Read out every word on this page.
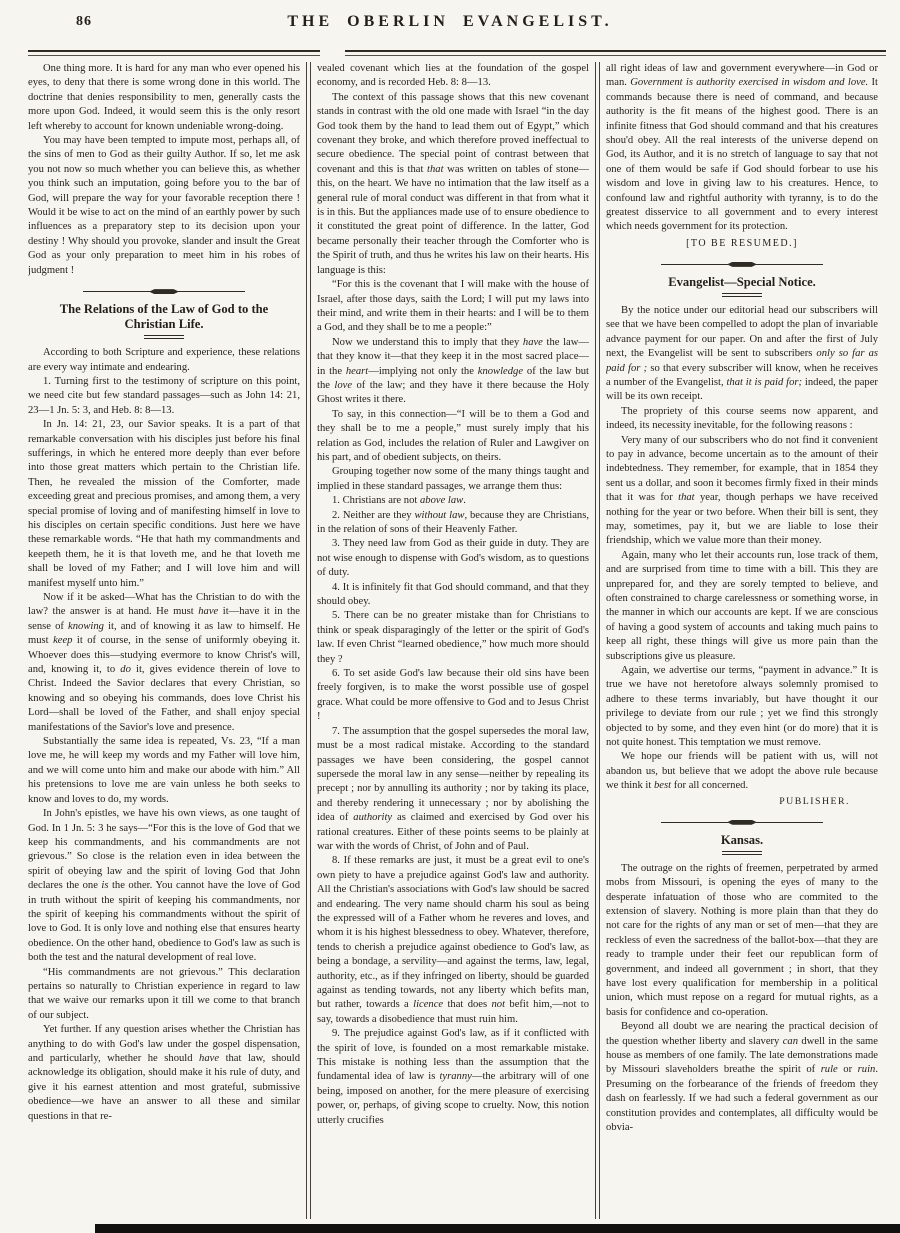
86	THE OBERLIN EVANGELIST.

One thing more. It is hard for any man who ever opened his eyes, to deny that there is some wrong done in this world. The doctrine that denies responsibility to men, generally casts the more upon God. Indeed, it would seem this is the only resort left whereby to account for known undeniable wrong-doing.

You may have been tempted to impute most, perhaps all, of the sins of men to God as their guilty Author. If so, let me ask you not now so much whether you can believe this, as whether you think such an imputation, going before you to the bar of God, will prepare the way for your favorable reception there ! Would it be wise to act on the mind of an earthly power by such influences as a preparatory step to its decision upon your destiny ! Why should you provoke, slander and insult the Great God as your only preparation to meet him in his robes of judgment !

The Relations of the Law of God to the Christian Life.

According to both Scripture and experience, these relations are every way intimate and endearing.

1. Turning first to the testimony of scripture on this point, we need cite but few standard passages—such as John 14: 21, 23—1 Jn. 5: 3, and Heb. 8: 8—13.

In Jn. 14: 21, 23, our Savior speaks. It is a part of that remarkable conversation with his disciples just before his final sufferings, in which he entered more deeply than ever before into those great matters which pertain to the Christian life. Then, he revealed the mission of the Comforter, made exceeding great and precious promises, and among them, a very special promise of loving and of manifesting himself in love to his disciples on certain specific conditions. Just here we have these remarkable words. “He that hath my commandments and keepeth them, he it is that loveth me, and he that loveth me shall be loved of my Father; and I will love him and will manifest myself unto him.”

Now if it be asked—What has the Christian to do with the law? the answer is at hand. He must have it—have it in the sense of knowing it, and of knowing it as law to himself. He must keep it of course, in the sense of uniformly obeying it. Whoever does this—studying evermore to know Christ's will, and, knowing it, to do it, gives evidence therein of love to Christ. Indeed the Savior declares that every Christian, so knowing and so obeying his commands, does love Christ his Lord—shall be loved of the Father, and shall enjoy special manifestations of the Savior's love and presence.

Substantially the same idea is repeated, Vs. 23, “If a man love me, he will keep my words and my Father will love him, and we will come unto him and make our abode with him.” All his pretensions to love me are vain unless he both seeks to know and loves to do, my words.

In John's epistles, we have his own views, as one taught of God. In 1 Jn. 5: 3 he says—“For this is the love of God that we keep his commandments, and his commandments are not grievous.” So close is the relation even in idea between the spirit of obeying law and the spirit of loving God that John declares the one is the other. You cannot have the love of God in truth without the spirit of keeping his commandments, nor the spirit of keeping his commandments without the spirit of love to God. It is only love and nothing else that ensures hearty obedience. On the other hand, obedience to God's law as such is both the test and the natural development of real love.

“His commandments are not grievous.” This declaration pertains so naturally to Christian experience in regard to law that we waive our remarks upon it till we come to that branch of our subject.

Yet further. If any question arises whether the Christian has anything to do with God's law under the gospel dispensation, and particularly, whether he should have that law, should acknowledge its obligation, should make it his rule of duty, and give it his earnest attention and most grateful, submissive obedience—we have an answer to all these and similar questions in that re-

vealed covenant which lies at the foundation of the gospel economy, and is recorded Heb. 8: 8—13.

The context of this passage shows that this new covenant stands in contrast with the old one made with Israel “in the day God took them by the hand to lead them out of Egypt,” which covenant they broke, and which therefore proved ineffectual to secure obedience. The special point of contrast between that covenant and this is that that was written on tables of stone—this, on the heart. We have no intimation that the law itself as a general rule of moral conduct was different in that from what it is in this. But the appliances made use of to ensure obedience to it constituted the great point of difference. In the latter, God became personally their teacher through the Comforter who is the Spirit of truth, and thus he writes his law on their hearts. His language is this:

“For this is the covenant that I will make with the house of Israel, after those days, saith the Lord; I will put my laws into their mind, and write them in their hearts: and I will be to them a God, and they shall be to me a people:”

Now we understand this to imply that they have the law—that they know it—that they keep it in the most sacred place—in the heart—implying not only the knowledge of the law but the love of the law; and they have it there because the Holy Ghost writes it there.

To say, in this connection—“I will be to them a God and they shall be to me a people,” must surely imply that his relation as God, includes the relation of Ruler and Lawgiver on his part, and of obedient subjects, on theirs.

Grouping together now some of the many things taught and implied in these standard passages, we arrange them thus:

1. Christians are not above law.

2. Neither are they without law, because they are Christians, in the relation of sons of their Heavenly Father.

3. They need law from God as their guide in duty. They are not wise enough to dispense with God's wisdom, as to questions of duty.

4. It is infinitely fit that God should command, and that they should obey.

5. There can be no greater mistake than for Christians to think or speak disparagingly of the letter or the spirit of God's law. If even Christ “learned obedience,” how much more should they ?

6. To set aside God's law because their old sins have been freely forgiven, is to make the worst possible use of gospel grace. What could be more offensive to God and to Jesus Christ !

7. The assumption that the gospel supersedes the moral law, must be a most radical mistake. According to the standard passages we have been considering, the gospel cannot supersede the moral law in any sense—neither by repealing its precept ; nor by annulling its authority ; nor by taking its place, and thereby rendering it unnecessary ; nor by abolishing the idea of authority as claimed and exercised by God over his rational creatures. Either of these points seems to be plainly at war with the words of Christ, of John and of Paul.

8. If these remarks are just, it must be a great evil to one's own piety to have a prejudice against God's law and authority. All the Christian's associations with God's law should be sacred and endearing. The very name should charm his soul as being the expressed will of a Father whom he reveres and loves, and whom it is his highest blessedness to obey. Whatever, therefore, tends to cherish a prejudice against obedience to God's law, as being a bondage, a servility—and against the terms, law, legal, authority, etc., as if they infringed on liberty, should be guarded against as tending towards, not any liberty which befits man, but rather, towards a licence that does not befit him,—not to say, towards a disobedience that must ruin him.

9. The prejudice against God's law, as if it conflicted with the spirit of love, is founded on a most remarkable mistake. This mistake is nothing less than the assumption that the fundamental idea of law is tyranny—the arbitrary will of one being, imposed on another, for the mere pleasure of exercising power, or, perhaps, of giving scope to cruelty. Now, this notion utterly crucifies

all right ideas of law and government everywhere—in God or man. Government is authority exercised in wisdom and love. It commands because there is need of command, and because authority is the fit means of the highest good. There is an infinite fitness that God should command and that his creatures shou'd obey. All the real interests of the universe depend on God, its Author, and it is no stretch of language to say that not one of them would be safe if God should forbear to use his wisdom and love in giving law to his creatures. Hence, to confound law and rightful authority with tyranny, is to do the greatest disservice to all government and to every interest which needs government for its protection.

[TO BE RESUMED.]

Evangelist—Special Notice.

By the notice under our editorial head our subscribers will see that we have been compelled to adopt the plan of invariable advance payment for our paper. On and after the first of July next, the Evangelist will be sent to subscribers only so far as paid for ; so that every subscriber will know, when he receives a number of the Evangelist, that it is paid for; indeed, the paper will be its own receipt.

The propriety of this course seems now apparent, and indeed, its necessity inevitable, for the following reasons :

Very many of our subscribers who do not find it convenient to pay in advance, become uncertain as to the amount of their indebtedness. They remember, for example, that in 1854 they sent us a dollar, and soon it becomes firmly fixed in their minds that it was for that year, though perhaps we have received nothing for the year or two before. When their bill is sent, they may, sometimes, pay it, but we are liable to lose their friendship, which we value more than their money.

Again, many who let their accounts run, lose track of them, and are surprised from time to time with a bill. This they are unprepared for, and they are sorely tempted to believe, and often constrained to charge carelessness or something worse, in the manner in which our accounts are kept. If we are conscious of having a good system of accounts and taking much pains to keep all right, these things will give us more pain than the subscriptions give us pleasure.

Again, we advertise our terms, “payment in advance.” It is true we have not heretofore always solemnly promised to adhere to these terms invariably, but have thought it our privilege to deviate from our rule ; yet we find this strongly objected to by some, and they even hint (or do more) that it is not quite honest. This temptation we must remove.

We hope our friends will be patient with us, will not abandon us, but believe that we adopt the above rule because we think it best for all concerned.

PUBLISHER.

Kansas.

The outrage on the rights of freemen, perpetrated by armed mobs from Missouri, is opening the eyes of many to the desperate infatuation of those who are commited to the extension of slavery. Nothing is more plain than that they do not care for the rights of any man or set of men—that they are reckless of even the sacredness of the ballot-box—that they are ready to trample under their feet our republican form of government, and indeed all government ; in short, that they have lost every qualification for membership in a political union, which must repose on a regard for mutual rights, as a basis for confidence and co-operation.

Beyond all doubt we are nearing the practical decision of the question whether liberty and slavery can dwell in the same house as members of one family. The late demonstrations made by Missouri slaveholders breathe the spirit of rule or ruin. Presuming on the forbearance of the friends of freedom they dash on fearlessly. If we had such a federal government as our constitution provides and contemplates, all difficulty would be obvia-
